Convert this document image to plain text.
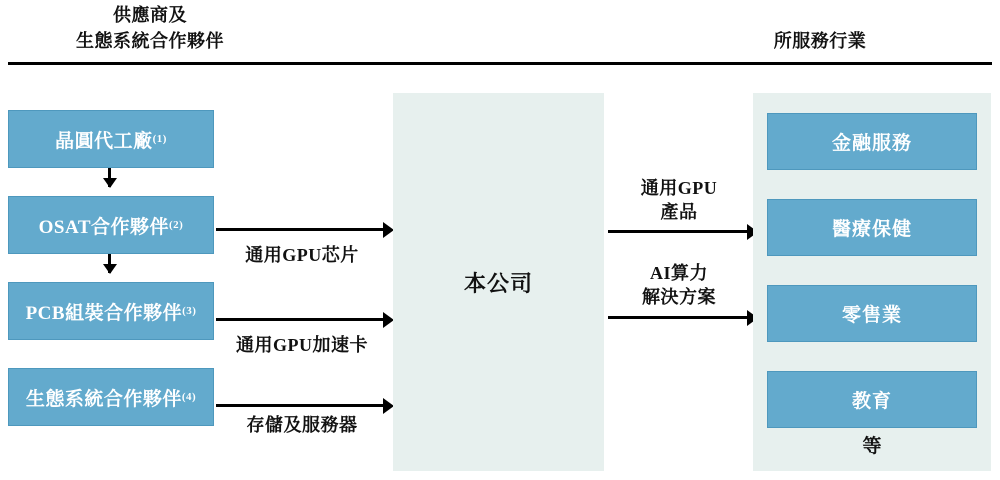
供應商及
生態系統合作夥伴	所服務行業
晶圓代工廠 (1)
OSAT合作夥伴 (2)
PCB組裝合作夥伴 (3)
生態系統合作夥伴 (4)
通用GPU芯片
通用GPU加速卡
存儲及服務器
本公司
通用GPU
產品
AI算力
解決方案
金融服務
醫療保健
零售業
教育
等
